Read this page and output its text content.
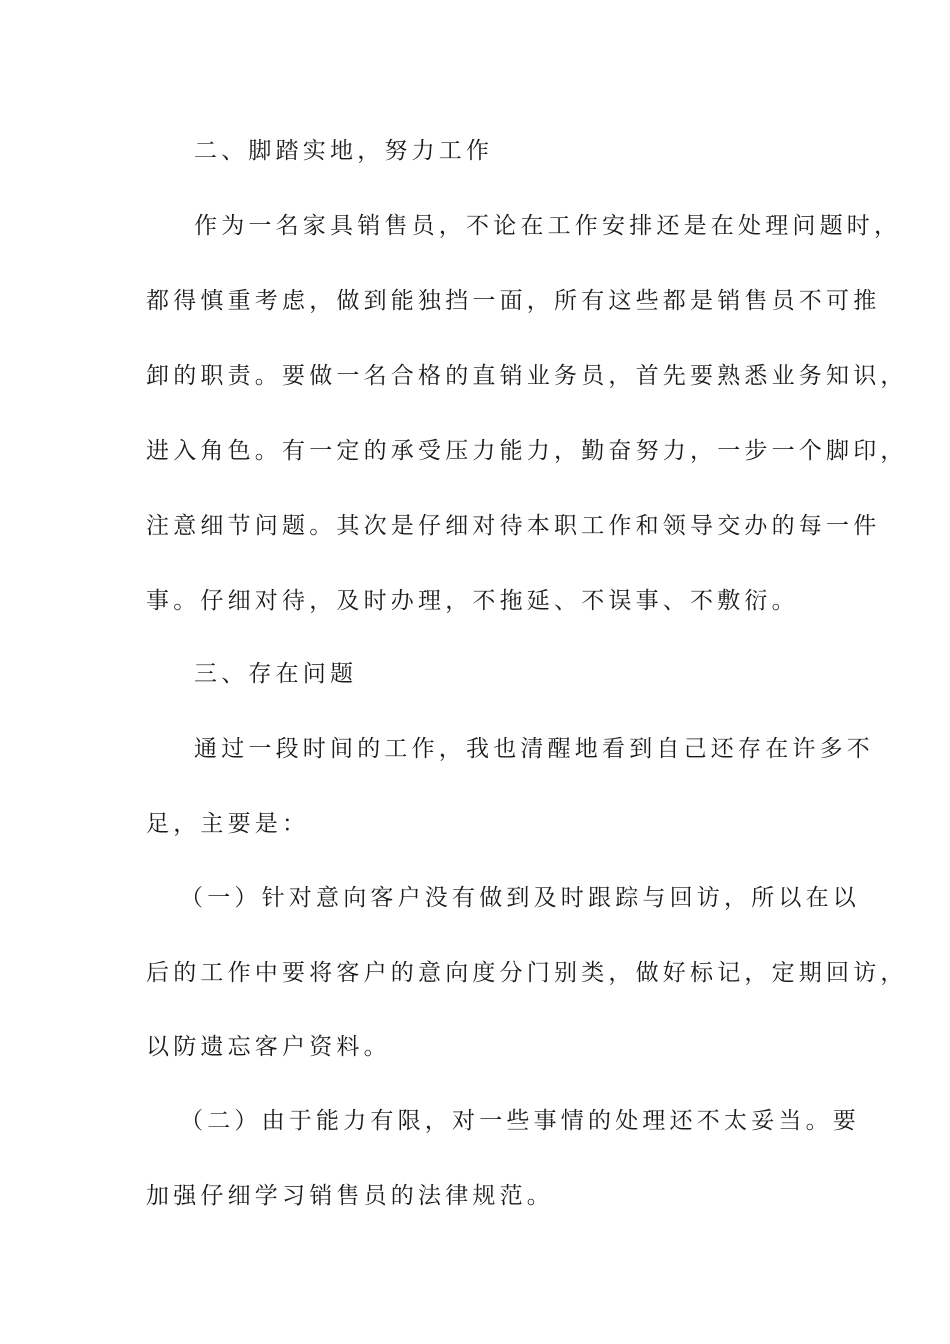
二、脚踏实地，努力工作
作为一名家具销售员，不论在工作安排还是在处理问题时，
都得慎重考虑，做到能独挡一面，所有这些都是销售员不可推
卸的职责。要做一名合格的直销业务员，首先要熟悉业务知识，
进入角色。有一定的承受压力能力，勤奋努力，一步一个脚印，
注意细节问题。其次是仔细对待本职工作和领导交办的每一件
事。仔细对待，及时办理，不拖延、不误事、不敷衍。
三、存在问题
通过一段时间的工作，我也清醒地看到自己还存在许多不
足，主要是：
（一）针对意向客户没有做到及时跟踪与回访，所以在以
后的工作中要将客户的意向度分门别类，做好标记，定期回访，
以防遗忘客户资料。
（二）由于能力有限，对一些事情的处理还不太妥当。要
加强仔细学习销售员的法律规范。
